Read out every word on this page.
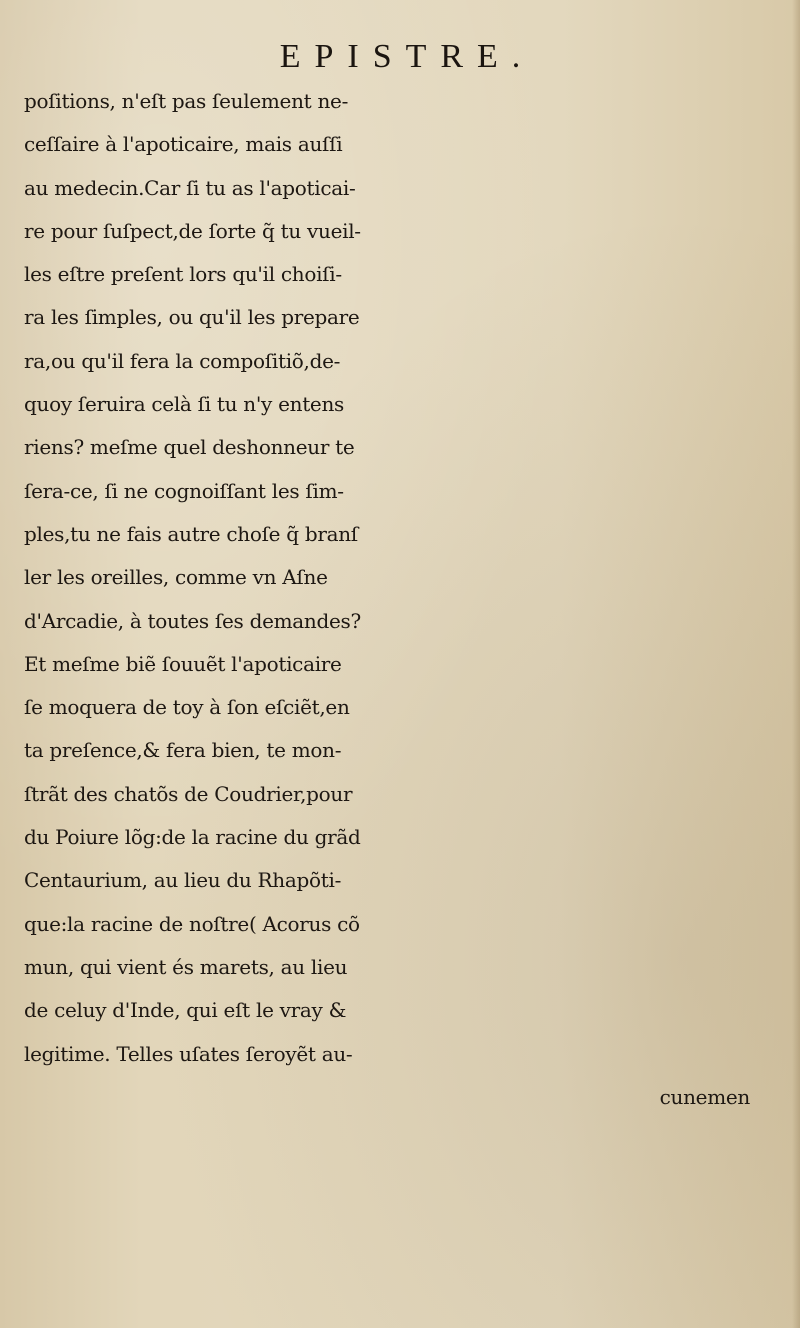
EPISTRE.
poſitions, n'eſt pas ſeulement ne-
ceſſaire à l'apoticaire, mais auſſi
au medecin.Car ſi tu as l'apoticai-
re pour ſuſpect,de ſorte q̃ tu vueil-
les eſtre preſent lors qu'il choiſi-
ra les ſimples, ou qu'il les prepare
ra,ou qu'il fera la compoſitiõ,de-
quoy ſeruira celà ſi tu n'y entens
riens? meſme quel deshonneur te
ſera-ce, ſi ne cognoiſſant les ſim-
ples,tu ne fais autre choſe q̃ branſ
ler les oreilles, comme vn Aſne
d'Arcadie, à toutes ſes demandes?
Et meſme biẽ ſouuẽt l'apoticaire
ſe moquera de toy à ſon eſciẽt,en
ta preſence,& fera bien, te mon-
ſtrãt des chatõs de Coudrier,pour
du Poiure lõg:de la racine du grãd
Centaurium, au lieu du Rhapõti-
que:la racine de noſtre( Acorus cõ
mun, qui vient és marets, au lieu
de celuy d'Inde, qui eſt le vray &
legitime. Telles uſates ſeroyẽt au-
cunemen
